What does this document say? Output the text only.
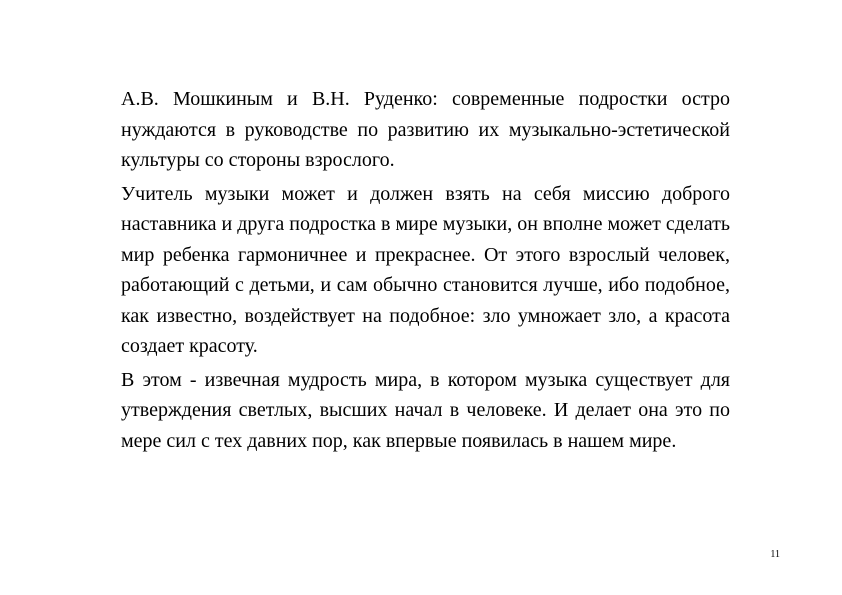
А.В. Мошкиным и В.Н. Руденко: современные подростки остро нуждаются в руководстве по развитию их музыкально-эстетической культуры со стороны взрослого.

Учитель музыки может и должен взять на себя миссию доброго наставника и друга подростка в мире музыки, он вполне может сделать мир ребенка гармоничнее и прекраснее. От этого взрослый человек, работающий с детьми, и сам обычно становится лучше, ибо подобное, как известно, воздействует на подобное: зло умножает зло, а красота создает красоту.

В этом - извечная мудрость мира, в котором музыка существует для утверждения светлых, высших начал в человеке. И делает она это по мере сил с тех давних пор, как впервые появилась в нашем мире.

11
